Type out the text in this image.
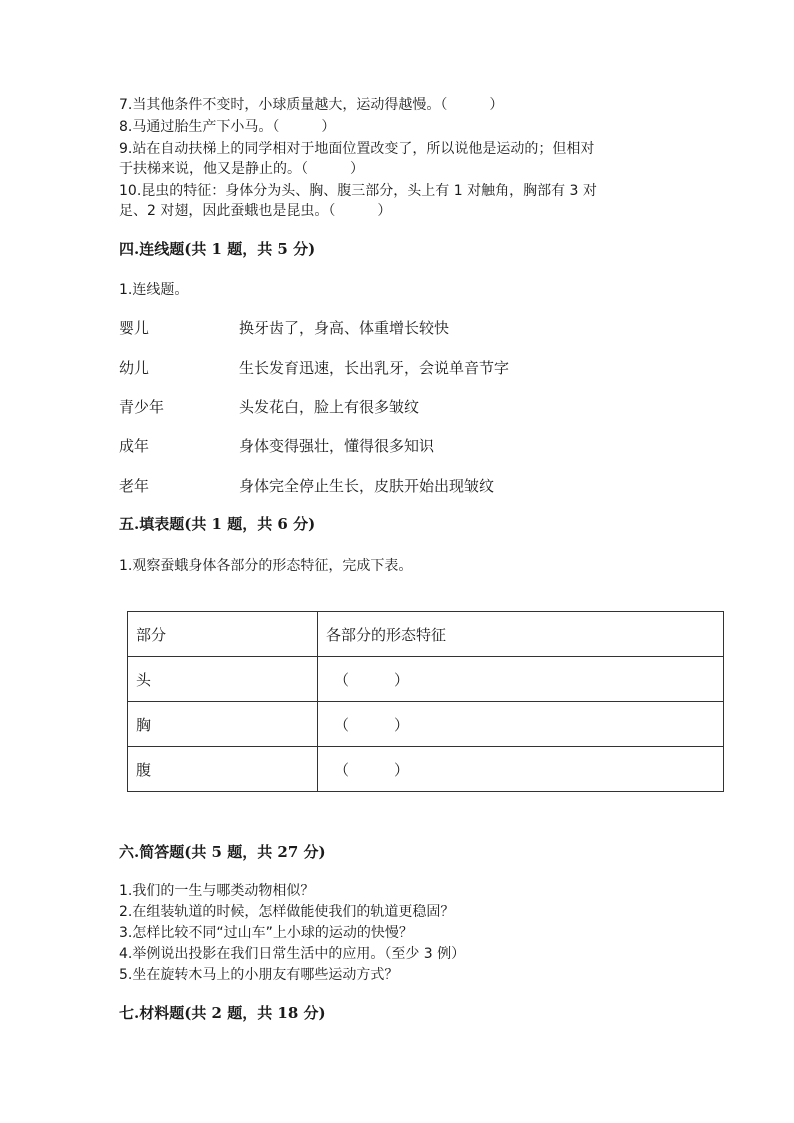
7.当其他条件不变时，小球质量越大，运动得越慢。（　　　）
8.马通过胎生产下小马。（　　　）
9.站在自动扶梯上的同学相对于地面位置改变了，所以说他是运动的；但相对
于扶梯来说，他又是静止的。（　　　）
10.昆虫的特征：身体分为头、胸、腹三部分，头上有 1 对触角，胸部有 3 对
足、2 对翅，因此蚕蛾也是昆虫。（　　　）
四.连线题(共 1 题，共 5 分)
1.连线题。
婴儿	换牙齿了，身高、体重增长较快
幼儿	生长发育迅速，长出乳牙，会说单音节字
青少年	头发花白，脸上有很多皱纹
成年	身体变得强壮，懂得很多知识
老年	身体完全停止生长，皮肤开始出现皱纹
五.填表题(共 1 题，共 6 分)
1.观察蚕蛾身体各部分的形态特征，完成下表。
部分	各部分的形态特征
头	（　　　）
胸	（　　　）
腹	（　　　）
六.简答题(共 5 题，共 27 分)
1.我们的一生与哪类动物相似？
2.在组装轨道的时候，怎样做能使我们的轨道更稳固？
3.怎样比较不同“过山车”上小球的运动的快慢？
4.举例说出投影在我们日常生活中的应用。（至少 3 例）
5.坐在旋转木马上的小朋友有哪些运动方式？
七.材料题(共 2 题，共 18 分)
